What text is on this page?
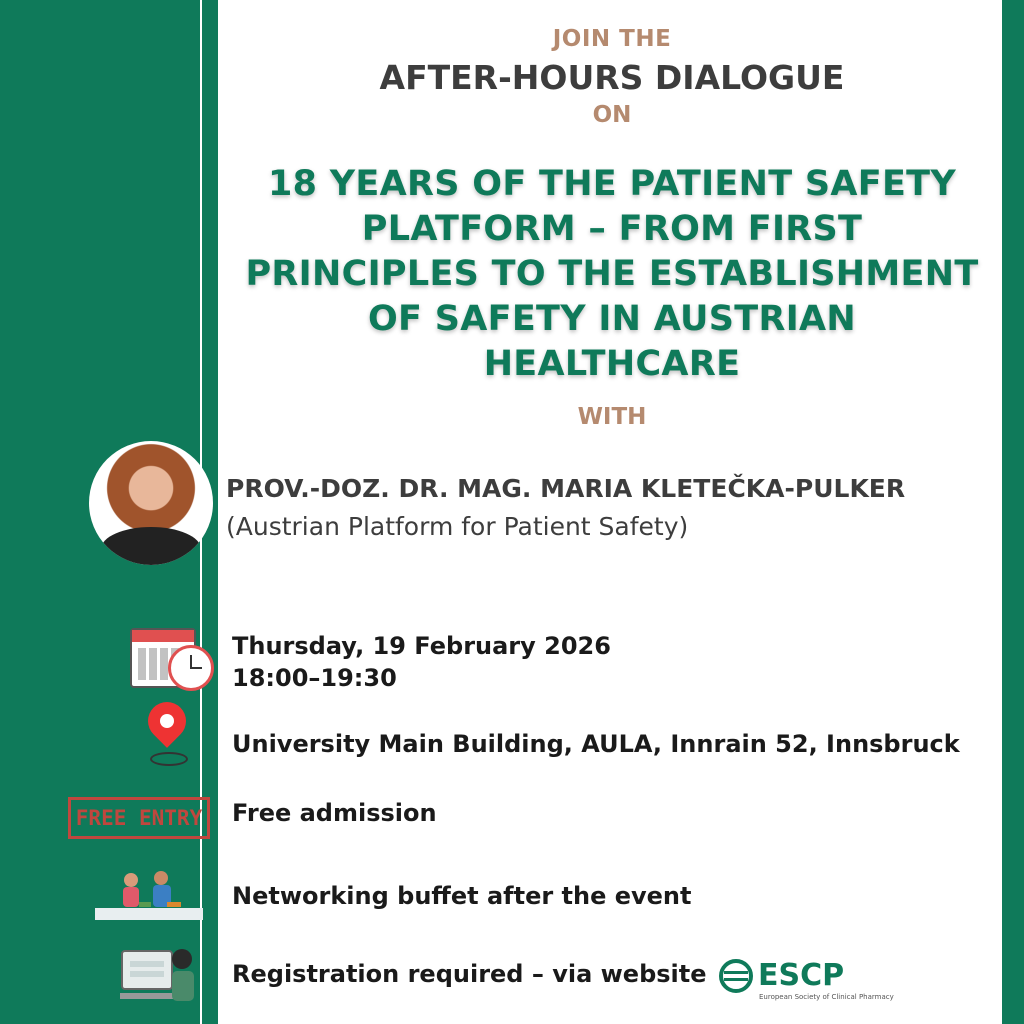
JOIN THE
AFTER-HOURS DIALOGUE
ON
18 YEARS OF THE PATIENT SAFETY
PLATFORM – FROM FIRST
PRINCIPLES TO THE ESTABLISHMENT
OF SAFETY IN AUSTRIAN
HEALTHCARE
WITH
PROV.-DOZ. DR. MAG. MARIA KLETEČKA-PULKER
(Austrian Platform for Patient Safety)
Thursday, 19 February 2026
18:00–19:30
University Main Building, AULA, Innrain 52, Innsbruck
FREE ENTRY	Free admission
Networking buffet after the event
Registration required – via website ESCP
European Society of Clinical Pharmacy
